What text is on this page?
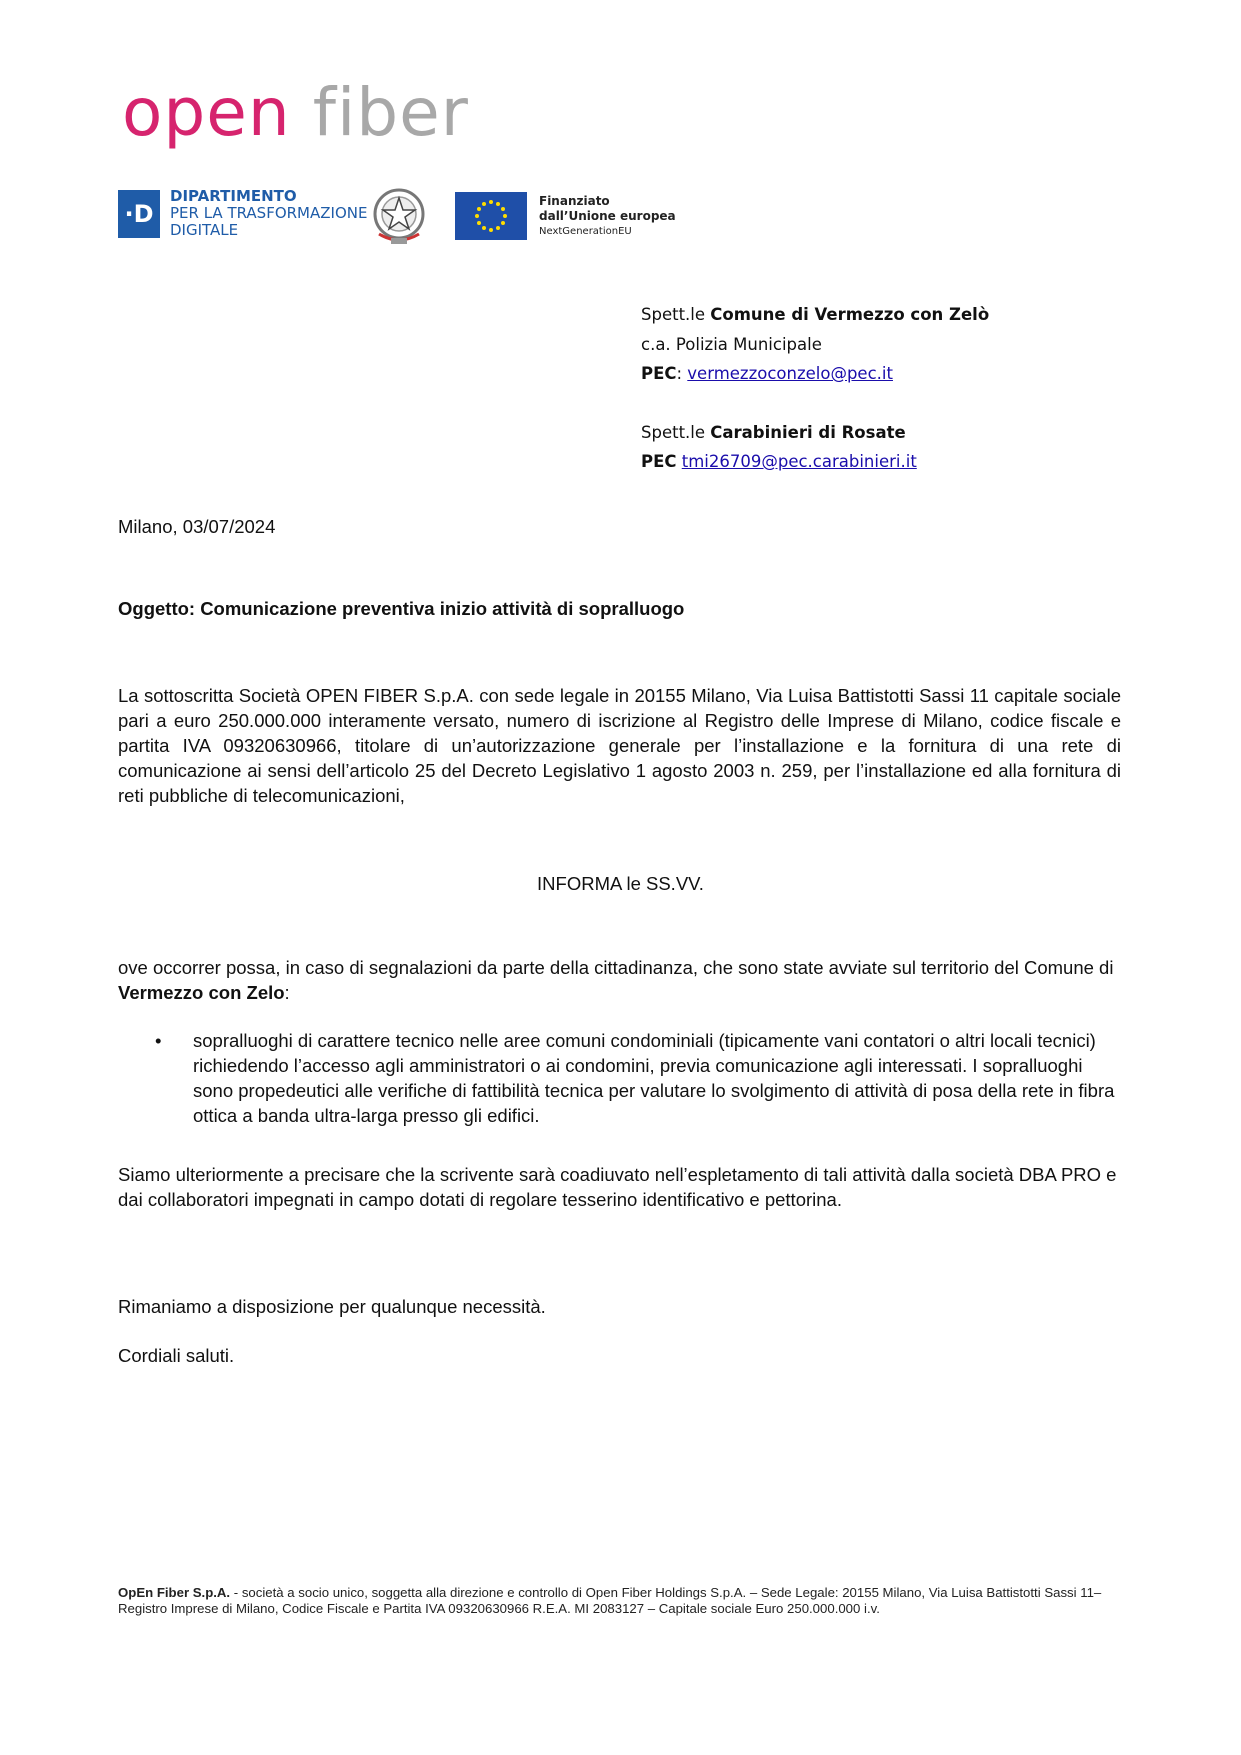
open fiber
·D
DIPARTIMENTO
PER LA TRASFORMAZIONE
DIGITALE
Finanziato
dall’Unione europea
NextGenerationEU
Spett.le Comune di Vermezzo con Zelò
c.a. Polizia Municipale
PEC: vermezzoconzelo@pec.it
Spett.le Carabinieri di Rosate
PEC tmi26709@pec.carabinieri.it
Milano, 03/07/2024
Oggetto: Comunicazione preventiva inizio attività di sopralluogo
La sottoscritta Società OPEN FIBER S.p.A. con sede legale in 20155 Milano, Via Luisa Battistotti Sassi 11 capitale sociale pari a euro 250.000.000 interamente versato, numero di iscrizione al Registro delle Imprese di Milano, codice fiscale e partita IVA 09320630966, titolare di un’autorizzazione generale per l’installazione e la fornitura di una rete di comunicazione ai sensi dell’articolo 25 del Decreto Legislativo 1 agosto 2003 n. 259, per l’installazione ed alla fornitura di reti pubbliche di telecomunicazioni,
INFORMA le SS.VV.
ove occorrer possa, in caso di segnalazioni da parte della cittadinanza, che sono state avviate sul territorio del Comune di Vermezzo con Zelo:
• sopralluoghi di carattere tecnico nelle aree comuni condominiali (tipicamente vani contatori o altri locali tecnici) richiedendo l’accesso agli amministratori o ai condomini, previa comunicazione agli interessati. I sopralluoghi sono propedeutici alle verifiche di fattibilità tecnica per valutare lo svolgimento di attività di posa della rete in fibra ottica a banda ultra-larga presso gli edifici.
Siamo ulteriormente a precisare che la scrivente sarà coadiuvato nell’espletamento di tali attività dalla società DBA PRO e dai collaboratori impegnati in campo dotati di regolare tesserino identificativo e pettorina.
Rimaniamo a disposizione per qualunque necessità.
Cordiali saluti.
OpEn Fiber S.p.A. - società a socio unico, soggetta alla direzione e controllo di Open Fiber Holdings S.p.A. – Sede Legale: 20155 Milano, Via Luisa Battistotti Sassi 11– Registro Imprese di Milano, Codice Fiscale e Partita IVA 09320630966 R.E.A. MI 2083127 – Capitale sociale Euro 250.000.000 i.v.
